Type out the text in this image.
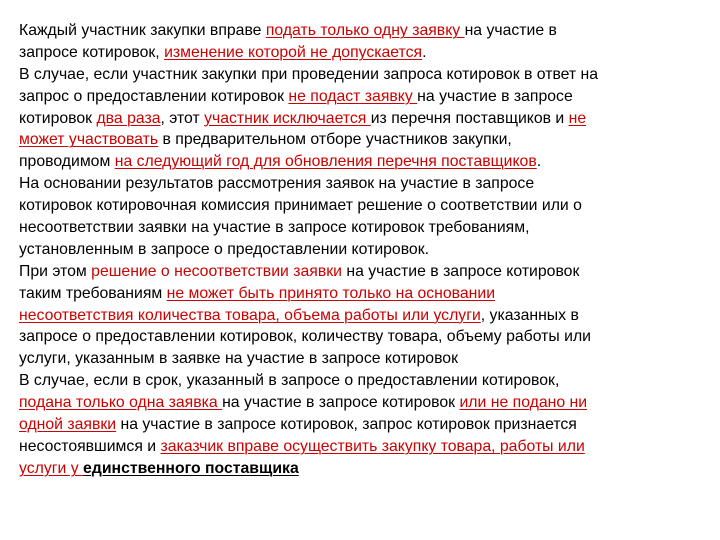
Каждый участник закупки вправе подать только одну заявку на участие в
запросе котировок, изменение которой не допускается.
В случае, если участник закупки при проведении запроса котировок в ответ на
запрос о предоставлении котировок не подаст заявку на участие в запросе
котировок два раза, этот участник исключается из перечня поставщиков и не
может участвовать в предварительном отборе участников закупки,
проводимом на следующий год для обновления перечня поставщиков.
На основании результатов рассмотрения заявок на участие в запросе
котировок котировочная комиссия принимает решение о соответствии или о
несоответствии заявки на участие в запросе котировок требованиям,
установленным в запросе о предоставлении котировок.
При этом решение о несоответствии заявки на участие в запросе котировок
таким требованиям не может быть принято только на основании
несоответствия количества товара, объема работы или услуги, указанных в
запросе о предоставлении котировок, количеству товара, объему работы или
услуги, указанным в заявке на участие в запросе котировок
В случае, если в срок, указанный в запросе о предоставлении котировок,
подана только одна заявка на участие в запросе котировок или не подано ни
одной заявки на участие в запросе котировок, запрос котировок признается
несостоявшимся и заказчик вправе осуществить закупку товара, работы или
услуги у единственного поставщика
